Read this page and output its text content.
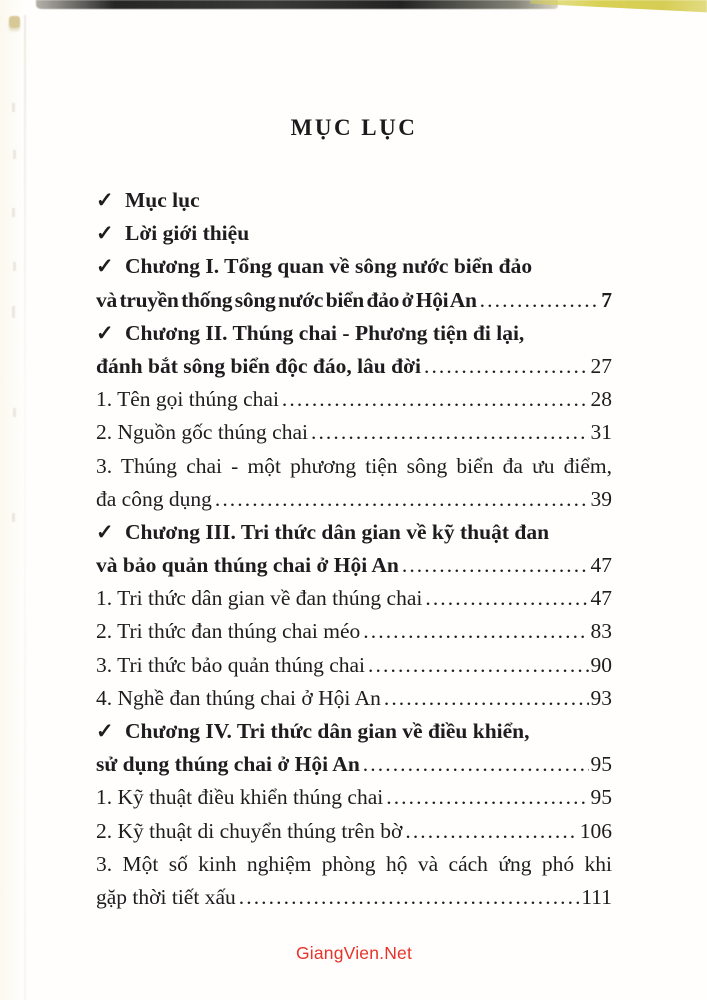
MỤC LỤC
✓ Mục lục
✓ Lời giới thiệu
✓ Chương I. Tổng quan về sông nước biển đảo
và truyền thống sông nước biển đảo ở Hội An .....	7
✓ Chương II. Thúng chai - Phương tiện đi lại,
đánh bắt sông biển độc đáo, lâu đời .....	27
1. Tên gọi thúng chai .....	28
2. Nguồn gốc thúng chai .....	31
3. Thúng chai - một phương tiện sông biển đa ưu điểm,
đa công dụng .....	39
✓ Chương III. Tri thức dân gian về kỹ thuật đan
và bảo quản thúng chai ở Hội An .....	47
1. Tri thức dân gian về đan thúng chai .....	47
2. Tri thức đan thúng chai méo .....	83
3. Tri thức bảo quản thúng chai .....	90
4. Nghề đan thúng chai ở Hội An .....	93
✓ Chương IV. Tri thức dân gian về điều khiển,
sử dụng thúng chai ở Hội An .....	95
1. Kỹ thuật điều khiển thúng chai .....	95
2. Kỹ thuật di chuyển thúng trên bờ .....	106
3. Một số kinh nghiệm phòng hộ và cách ứng phó khi
gặp thời tiết xấu .....	111
GiangVien.Net
